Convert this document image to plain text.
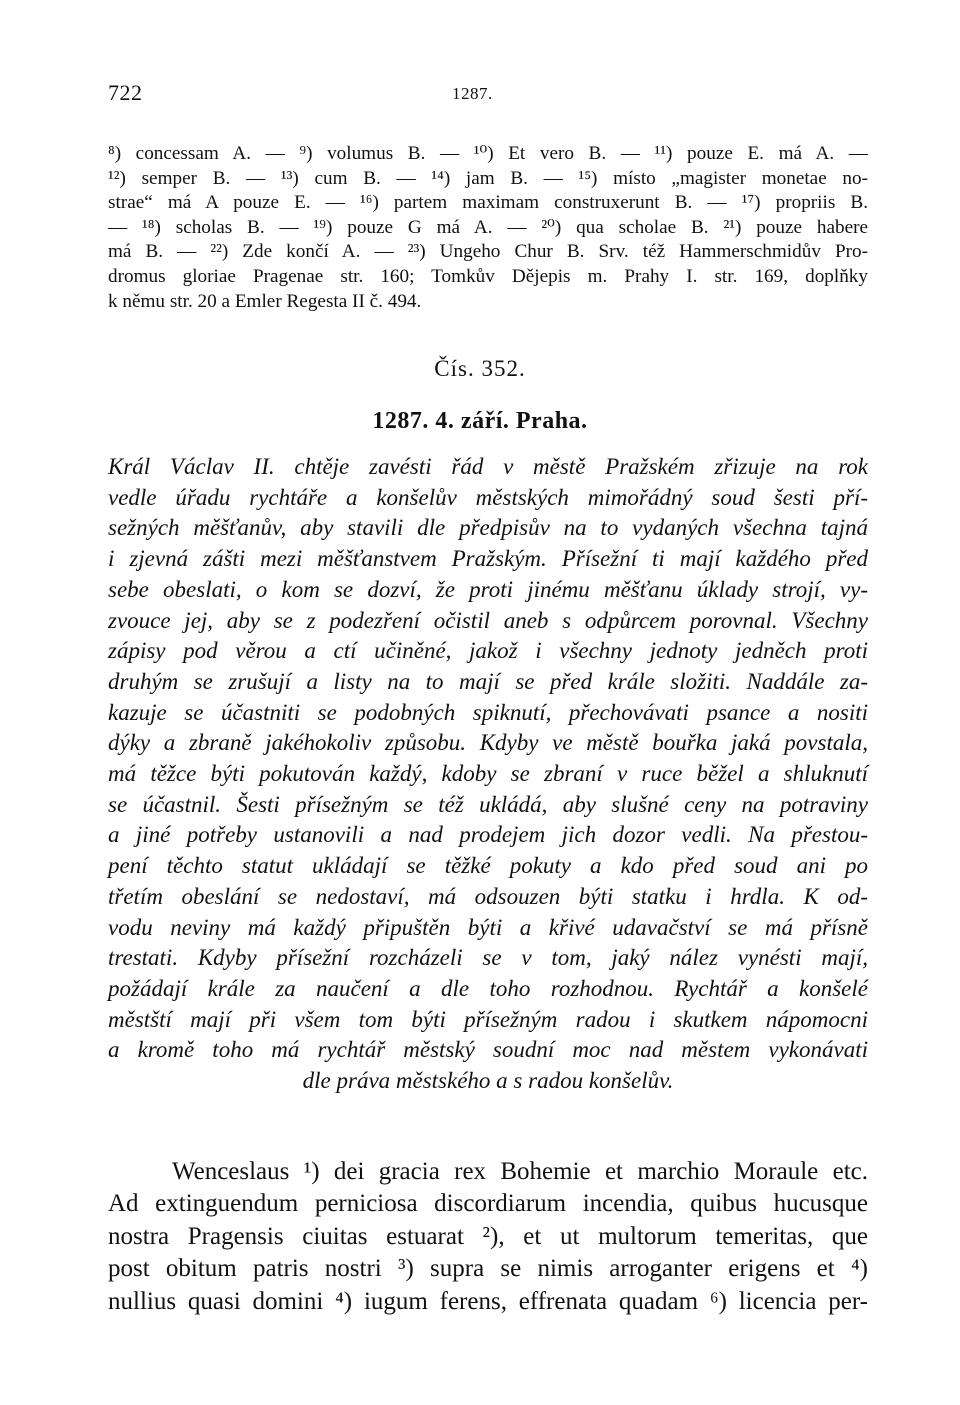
722	1287.
⁸) concessam A. — ⁹) volumus B. — ¹⁰) Et vero B. — ¹¹) pouze E. má A. —
¹²) semper B. — ¹³) cum B. — ¹⁴) jam B. — ¹⁵) místo „magister monetae no-
strae“ má A pouze E. — ¹⁶) partem maximam construxerunt B. — ¹⁷) propriis B.
— ¹⁸) scholas B. — ¹⁹) pouze G má A. — ²⁰) qua scholae B. ²¹) pouze habere
má B. — ²²) Zde končí A. — ²³) Ungeho Chur B. Srv. též Hammerschmidův Pro-
dromus gloriae Pragenae str. 160; Tomkův Dějepis m. Prahy I. str. 169, doplňky
k němu str. 20 a Emler Regesta II č. 494.
Čís. 352.
1287. 4. září. Praha.
Král Václav II. chtěje zavésti řád v městě Pražském zřizuje na rok
vedle úřadu rychtáře a konšelův městských mimořádný soud šesti pří-
sežných měšťanův, aby stavili dle předpisův na to vydaných všechna tajná
i zjevná zášti mezi měšťanstvem Pražským. Přísežní ti mají každého před
sebe obeslati, o kom se dozví, že proti jinému měšťanu úklady strojí, vy-
zvouce jej, aby se z podezření očistil aneb s odpůrcem porovnal. Všechny
zápisy pod věrou a ctí učiněné, jakož i všechny jednoty jedněch proti
druhým se zrušují a listy na to mají se před krále složiti. Naddále za-
kazuje se účastniti se podobných spiknutí, přechovávati psance a nositi
dýky a zbraně jakéhokoliv způsobu. Kdyby ve městě bouřka jaká povstala,
má těžce býti pokutován každý, kdoby se zbraní v ruce běžel a shluknutí
se účastnil. Šesti přísežným se též ukládá, aby slušné ceny na potraviny
a jiné potřeby ustanovili a nad prodejem jich dozor vedli. Na přestou-
pení těchto statut ukládají se těžké pokuty a kdo před soud ani po
třetím obeslání se nedostaví, má odsouzen býti statku i hrdla. K od-
vodu neviny má každý připuštěn býti a křivé udavačství se má přísně
trestati. Kdyby přísežní rozcházeli se v tom, jaký nález vynésti mají,
požádají krále za naučení a dle toho rozhodnou. Rychtář a konšelé
městští mají při všem tom býti přísežným radou i skutkem nápomocni
a kromě toho má rychtář městský soudní moc nad městem vykonávati
dle práva městského a s radou konšelův.
Wenceslaus ¹) dei gracia rex Bohemie et marchio Moraule etc.
Ad extinguendum perniciosa discordiarum incendia, quibus hucusque
nostra Pragensis ciuitas estuarat ²), et ut multorum temeritas, que
post obitum patris nostri ³) supra se nimis arroganter erigens et ⁴)
nullius quasi domini ⁴) iugum ferens, effrenata quadam ⁶) licencia per-
